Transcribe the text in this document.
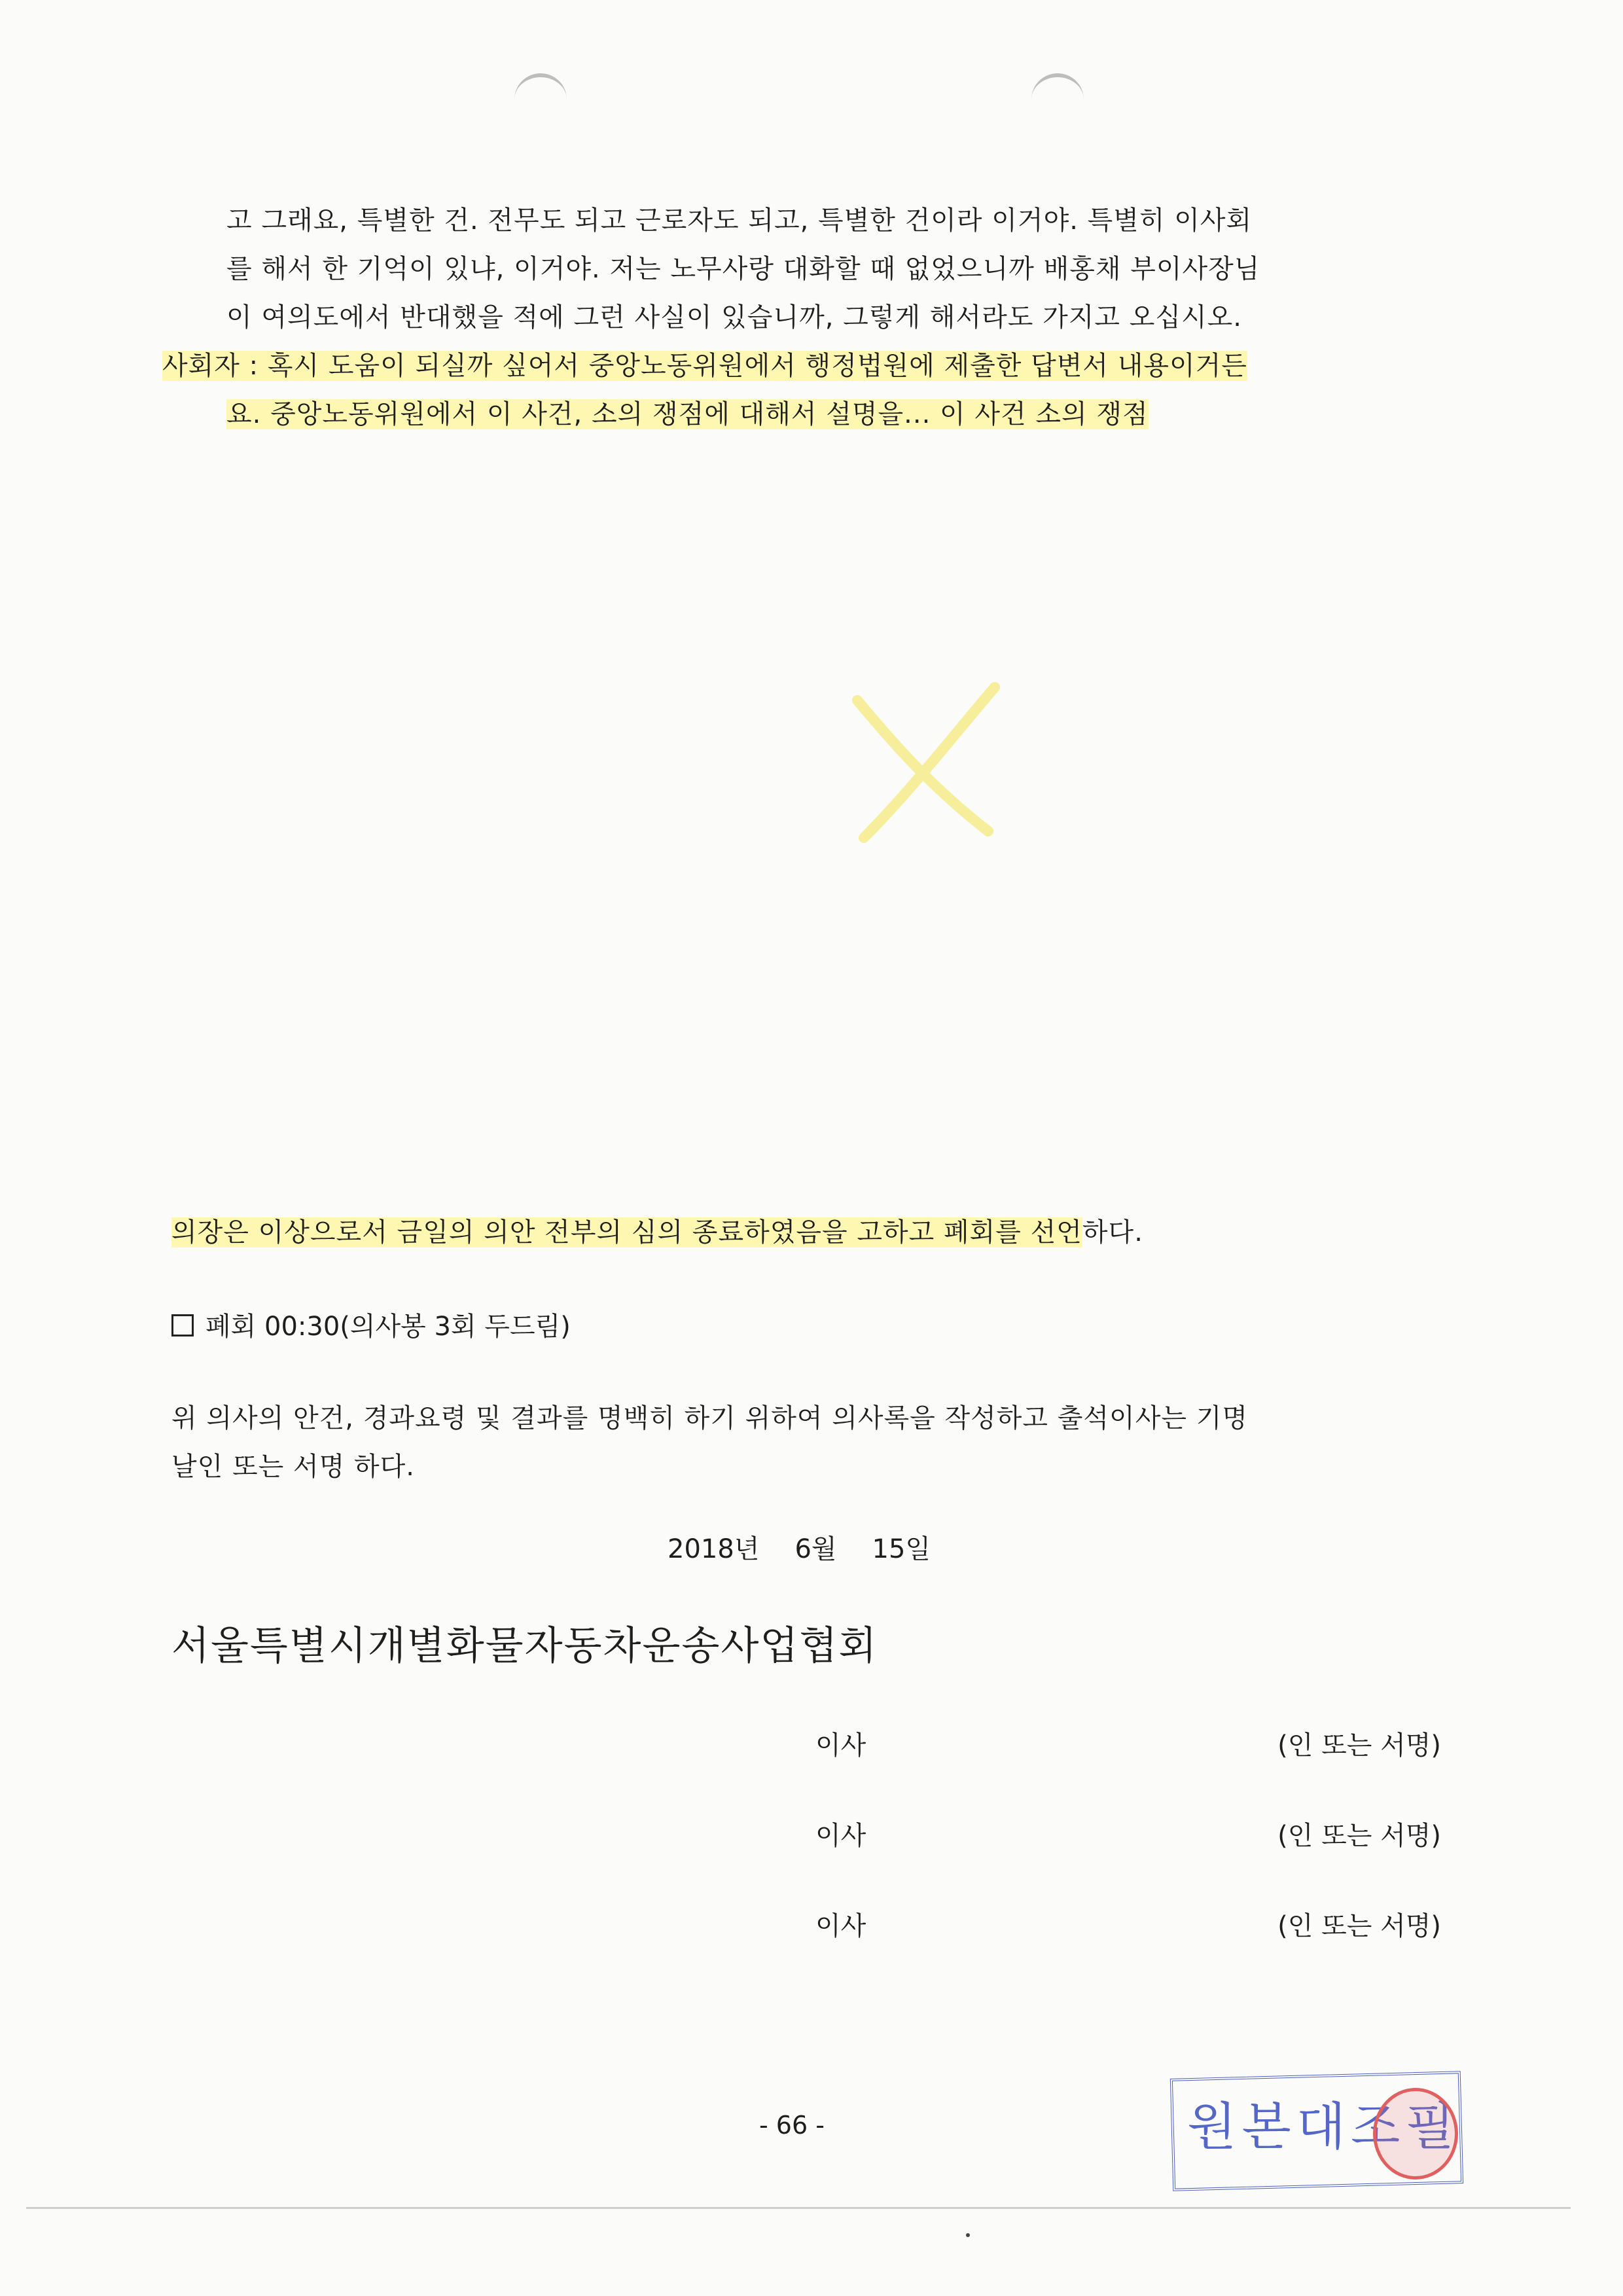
고 그래요, 특별한 건. 전무도 되고 근로자도 되고, 특별한 건이라 이거야. 특별히 이사회
를 해서 한 기억이 있냐, 이거야. 저는 노무사랑 대화할 때 없었으니까 배홍채 부이사장님
이 여의도에서 반대했을 적에 그런 사실이 있습니까, 그렇게 해서라도 가지고 오십시오.
사회자 : 혹시 도움이 되실까 싶어서 중앙노동위원에서 행정법원에 제출한 답변서 내용이거든
요. 중앙노동위원에서 이 사건, 소의 쟁점에 대해서 설명을... 이 사건 소의 쟁점
의장은 이상으로서 금일의 의안 전부의 심의 종료하였음을 고하고 폐회를 선언하다.
폐회 00:30(의사봉 3회 두드림)
위 의사의 안건, 경과요령 및 결과를 명백히 하기 위하여 의사록을 작성하고 출석이사는 기명
날인 또는 서명 하다.
2018년 6월 15일
서울특별시개별화물자동차운송사업협회
이사	(인 또는 서명)
이사	(인 또는 서명)
이사	(인 또는 서명)
- 66 -	원본대조필
